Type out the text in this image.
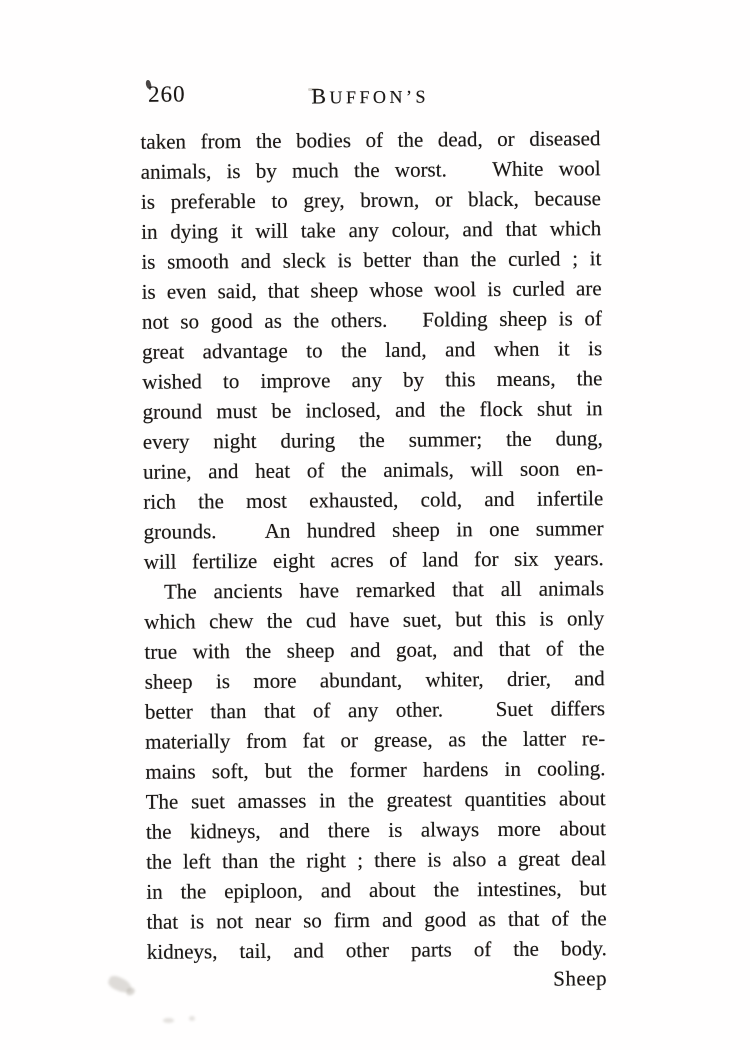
260	BUFFON’S
taken from the bodies of the dead, or diseased
animals, is by much the worst.   White wool
is preferable to grey, brown, or black, because
in dying it will take any colour, and that which
is smooth and sleck is better than the curled ; it
is even said, that sheep whose wool is curled are
not so good as the others.   Folding sheep is of
great advantage to the land, and when it is
wished to improve any by this means, the
ground must be inclosed, and the flock shut in
every night during the summer; the dung,
urine, and heat of the animals, will soon en-
rich the most exhausted, cold, and infertile
grounds.   An hundred sheep in one summer
will fertilize eight acres of land for six years.
The ancients have remarked that all animals
which chew the cud have suet, but this is only
true with the sheep and goat, and that of the
sheep is more abundant, whiter, drier, and
better than that of any other.   Suet differs
materially from fat or grease, as the latter re-
mains soft, but the former hardens in cooling.
The suet amasses in the greatest quantities about
the kidneys, and there is always more about
the left than the right ; there is also a great deal
in the epiploon, and about the intestines, but
that is not near so firm and good as that of the
kidneys, tail, and other parts of the body.
Sheep
